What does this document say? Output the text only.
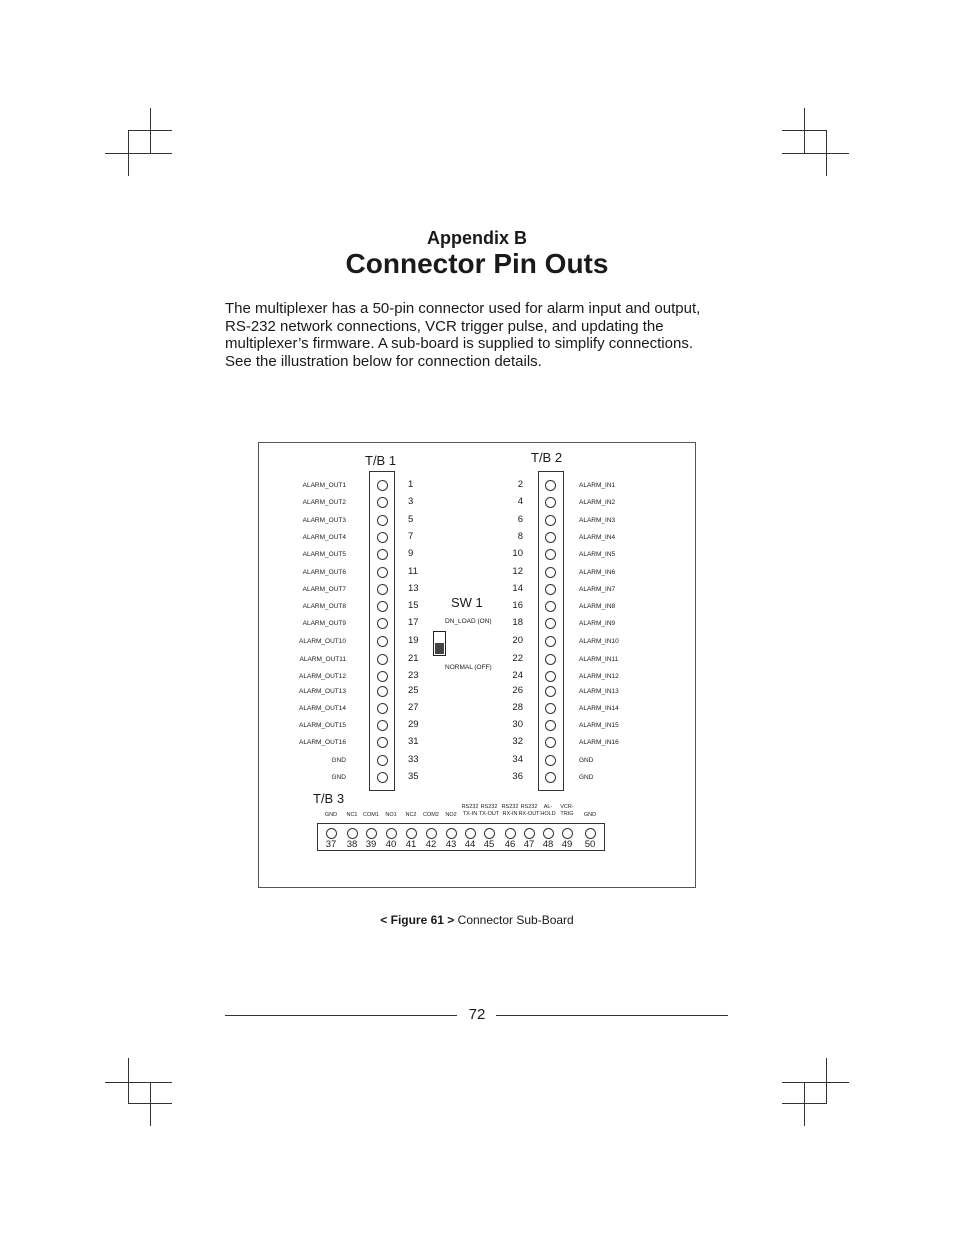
Appendix B
Connector Pin Outs
The multiplexer has a 50-pin connector used for alarm input and output,
RS-232 network connections, VCR trigger pulse, and updating the
multiplexer’s firmware. A sub-board is supplied to simplify connections.
See the illustration below for connection details.
T/B 1	T/B 2
ALARM_OUT1	1
ALARM_OUT2	3
ALARM_OUT3	5
ALARM_OUT4	7
ALARM_OUT5	9
ALARM_OUT6	11
ALARM_OUT7	13
ALARM_OUT8	15
ALARM_OUT9	17
ALARM_OUT10	19
ALARM_OUT11	21
ALARM_OUT12	23
ALARM_OUT13	25
ALARM_OUT14	27
ALARM_OUT15	29
ALARM_OUT16	31
GND	33
GND	35
2	ALARM_IN1
4	ALARM_IN2
6	ALARM_IN3
8	ALARM_IN4
10	ALARM_IN5
12	ALARM_IN6
14	ALARM_IN7
16	ALARM_IN8
18	ALARM_IN9
20	ALARM_IN10
22	ALARM_IN11
24	ALARM_IN12
26	ALARM_IN13
28	ALARM_IN14
30	ALARM_IN15
32	ALARM_IN16
34	GND
36	GND
SW 1
DN_LOAD (ON)
NORMAL (OFF)
T/B 3
GND
37
NC1
38
COM1
39
NO1
40
NC2
41
COM2
42
NO2
43
RS232
TX-IN
44
RS232
TX-OUT
45
RS232
RX-IN
46
RS232
RX-OUT
47
AL-
HOLD
48
VCR-
TRIG
49
GND
50
< Figure 61 > Connector Sub-Board
72
